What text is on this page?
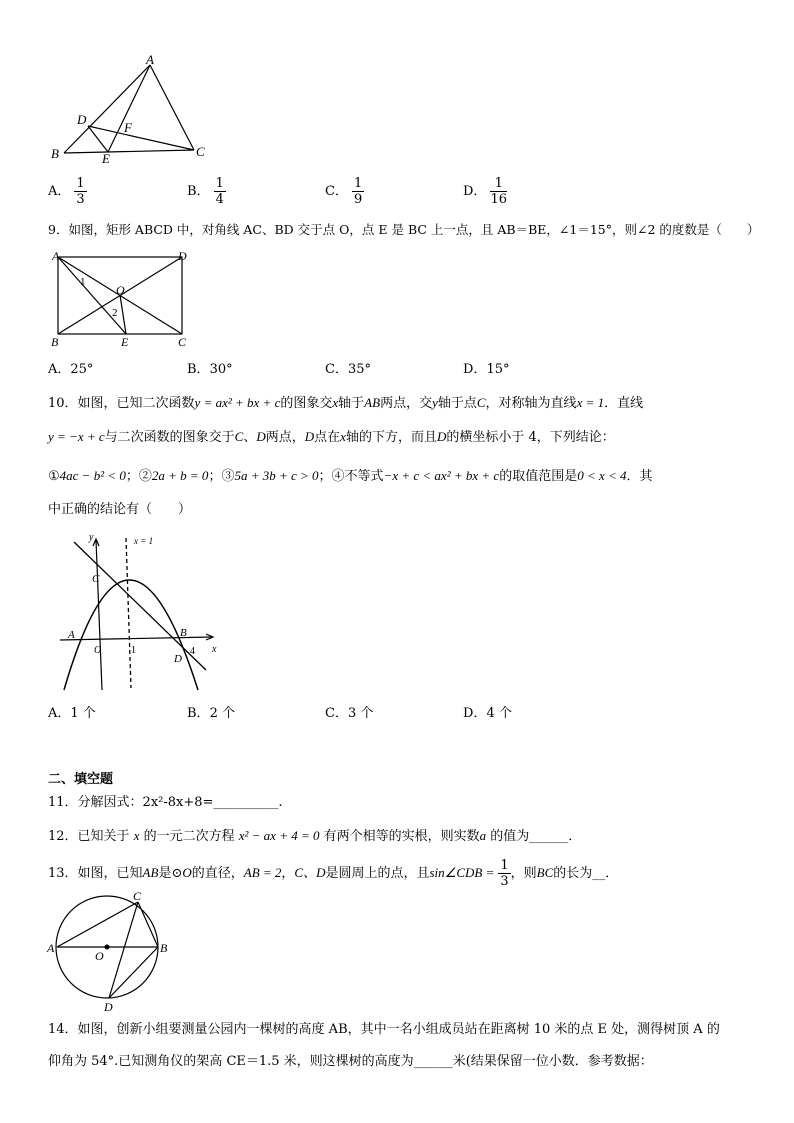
A
D
F
B	E	C
A． $\frac{1}{3}$	B． $\frac{1}{4}$	C． $\frac{1}{9}$	D． $\frac{1}{16}$
9．如图，矩形 ABCD 中，对角线 AC、BD 交于点 O，点 E 是 BC 上一点，且 AB＝BE，∠1＝15°，则∠2 的度数是（　　）
A	D
1
O
2
B	E	C
A．25°	B．30°	C．35°	D．15°
10．如图，已知二次函数y = ax² + bx + c的图象交x轴于AB两点，交y轴于点C，对称轴为直线x = 1．直线
y = −x + c与二次函数的图象交于C、D两点，D点在x轴的下方，而且D的横坐标小于 4，下列结论：
①4ac − b² < 0；②2a + b = 0；③5a + 3b + c > 0；④不等式−x + c < ax² + bx + c的取值范围是0 < x < 4．其
中正确的结论有（　　）
y	x = 1
C
A	B
O	1	4
D
x
A．1 个	B．2 个	C．3 个	D．4 个
二、填空题
11．分解因式：2x²-8x+8=__________.
12．已知关于 x 的一元二次方程 x² − ax + 4 = 0 有两个相等的实根，则实数a 的值为______．
13．如图，已知AB是⊙O的直径，AB = 2，C、D是圆周上的点，且sin∠CDB = $\frac{1}{3}$ ，则BC的长为__．
C
A
O
B
D
14．如图，创新小组要测量公园内一棵树的高度 AB，其中一名小组成员站在距离树 10 米的点 E 处，测得树顶 A 的
仰角为 54°.已知测角仪的架高 CE＝1.5 米，则这棵树的高度为______米(结果保留一位小数．参考数据：
